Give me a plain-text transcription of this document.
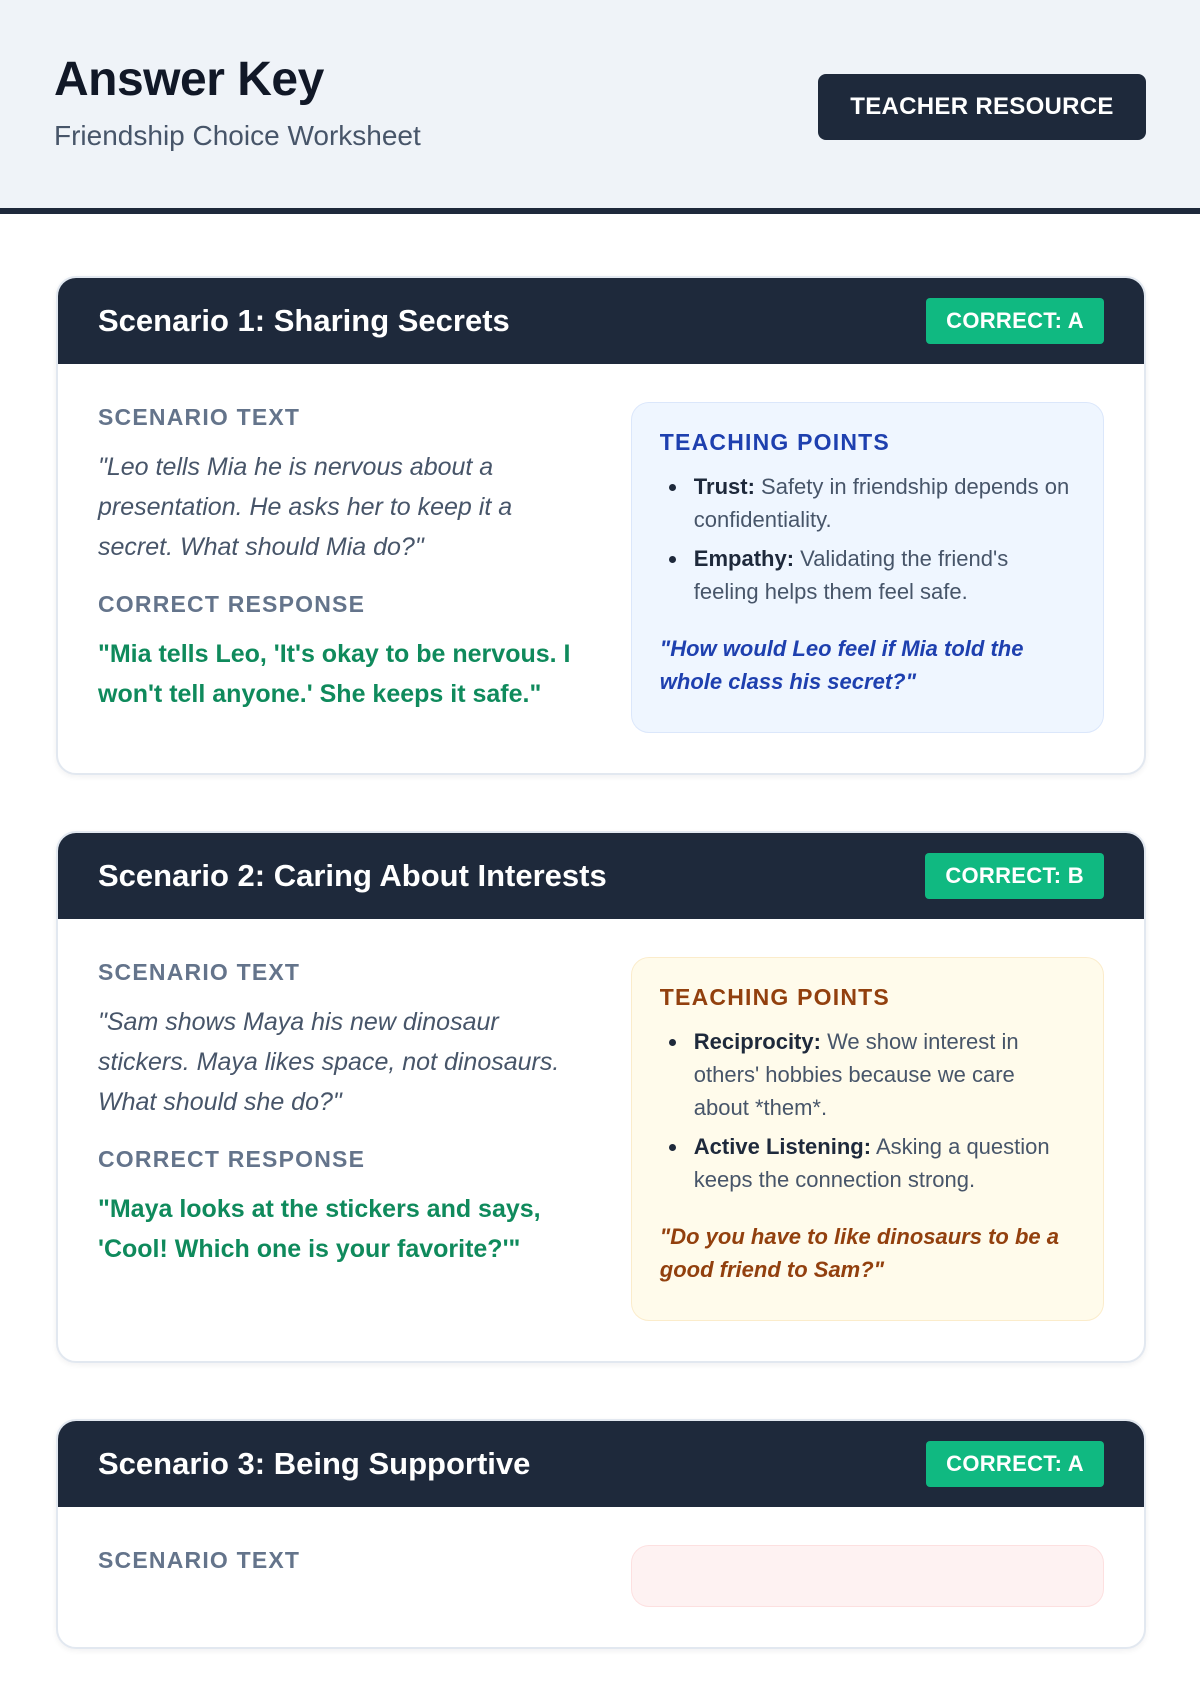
Answer Key
Friendship Choice Worksheet
TEACHER RESOURCE
Scenario 1: Sharing Secrets	CORRECT: A
SCENARIO TEXT

"Leo tells Mia he is nervous about a presentation. He asks her to keep it a secret. What should Mia do?"

CORRECT RESPONSE

"Mia tells Leo, 'It's okay to be nervous. I won't tell anyone.' She keeps it safe."

TEACHING POINTS
Trust: Safety in friendship depends on confidentiality.
Empathy: Validating the friend's feeling helps them feel safe.

"How would Leo feel if Mia told the whole class his secret?"

Scenario 2: Caring About Interests	CORRECT: B
SCENARIO TEXT

"Sam shows Maya his new dinosaur stickers. Maya likes space, not dinosaurs. What should she do?"

CORRECT RESPONSE

"Maya looks at the stickers and says, 'Cool! Which one is your favorite?'"

TEACHING POINTS
Reciprocity: We show interest in others' hobbies because we care about *them*.
Active Listening: Asking a question keeps the connection strong.

"Do you have to like dinosaurs to be a good friend to Sam?"

Scenario 3: Being Supportive	CORRECT: A
SCENARIO TEXT
